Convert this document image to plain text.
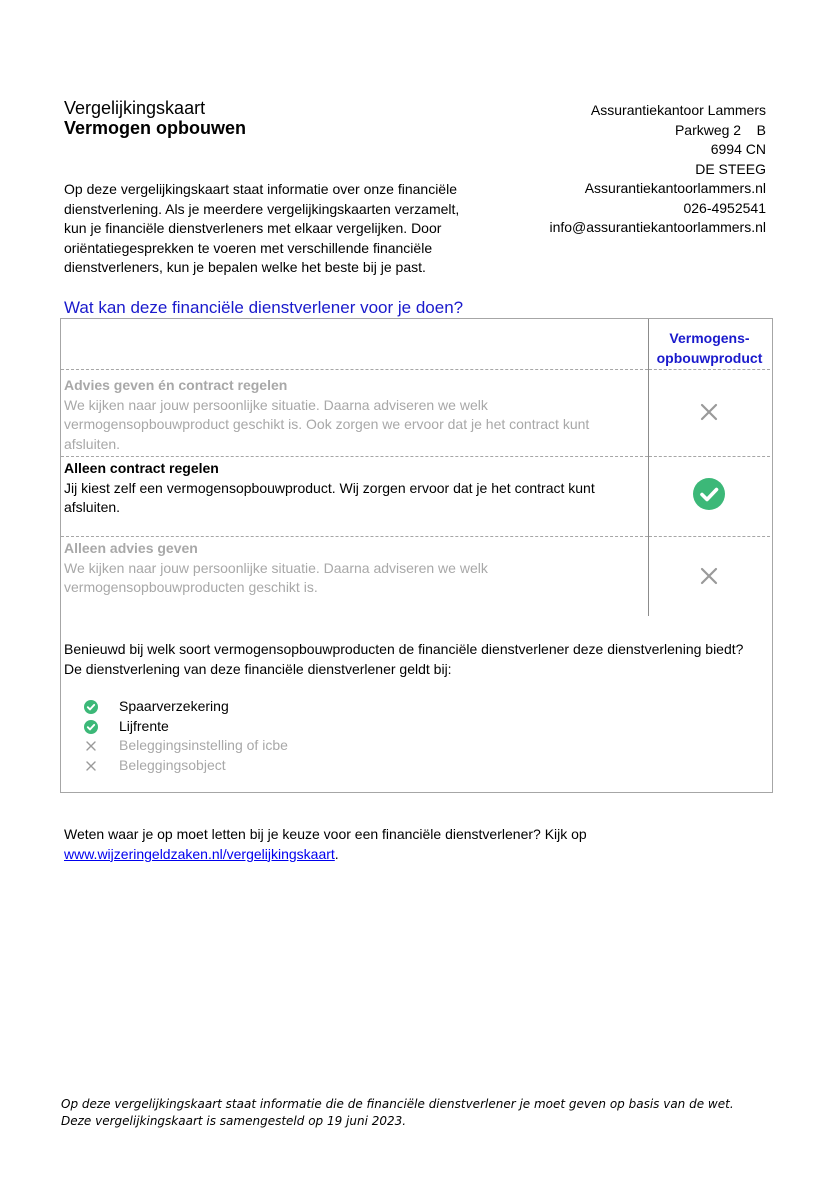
Vergelijkingskaart
Vermogen opbouwen
Op deze vergelijkingskaart staat informatie over onze financiële dienstverlening. Als je meerdere vergelijkingskaarten verzamelt, kun je financiële dienstverleners met elkaar vergelijken. Door oriëntatiegesprekken te voeren met verschillende financiële dienstverleners, kun je bepalen welke het beste bij je past.
Assurantiekantoor Lammers
Parkweg 2    B
6994 CN
DE STEEG
Assurantiekantoorlammers.nl
026-4952541
info@assurantiekantoorlammers.nl
Wat kan deze financiële dienstverlener voor je doen?
Vermogens-
opbouwproduct
Advies geven én contract regelen
We kijken naar jouw persoonlijke situatie. Daarna adviseren we welk vermogensopbouwproduct geschikt is. Ook zorgen we ervoor dat je het contract kunt afsluiten.
Alleen contract regelen
Jij kiest zelf een vermogensopbouwproduct. Wij zorgen ervoor dat je het contract kunt afsluiten.
Alleen advies geven
We kijken naar jouw persoonlijke situatie. Daarna adviseren we welk vermogensopbouwproducten geschikt is.
Benieuwd bij welk soort vermogensopbouwproducten de financiële dienstverlener deze dienstverlening biedt?
De dienstverlening van deze financiële dienstverlener geldt bij:
Spaarverzekering
Lijfrente
Beleggingsinstelling of icbe
Beleggingsobject
Weten waar je op moet letten bij je keuze voor een financiële dienstverlener? Kijk op
www.wijzeringeldzaken.nl/vergelijkingskaart.
Op deze vergelijkingskaart staat informatie die de financiële dienstverlener je moet geven op basis van de wet. Deze vergelijkingskaart is samengesteld op 19 juni 2023.
